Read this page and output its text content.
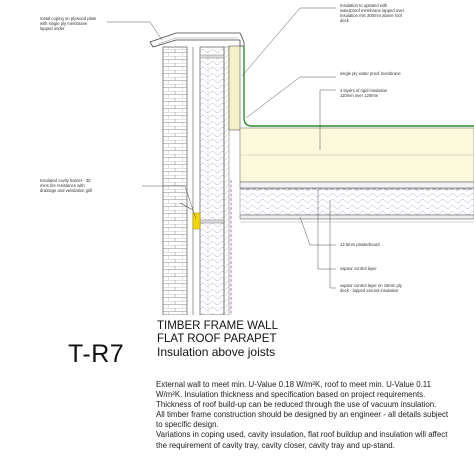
metal coping on plywood plate with single ply membrane lapped under
Insulation to upstand with waterproof membrane lapped over. Insulation min 300mm above roof deck
single ply water proof membrane
2 layers of rigid insulation 110mm over 120mm
Insulated cavity barrier - 30 mins fire resistance with drainage and ventilation grill
12.5mm plasterboard
vapour control layer
vapour control layer on 18mm ply deck - lapped around insulation
T-R7
TIMBER FRAME WALL
FLAT ROOF PARAPET
Insulation above joists

External wall to meet min. U-Value 0.18 W/m²K, roof to meet min. U-Value 0.11 W/m²K. Insulation thickness and specification based on project requirements. Thickness of roof build-up can be reduced through the use of vacuum insulation.

All timber frame construction should be designed by an engineer - all details subject to specific design.

Variations in coping used, cavity insulation, flat roof buildup and insulation will affect the requirement of cavity tray, cavity closer, cavity tray and up-stand.
